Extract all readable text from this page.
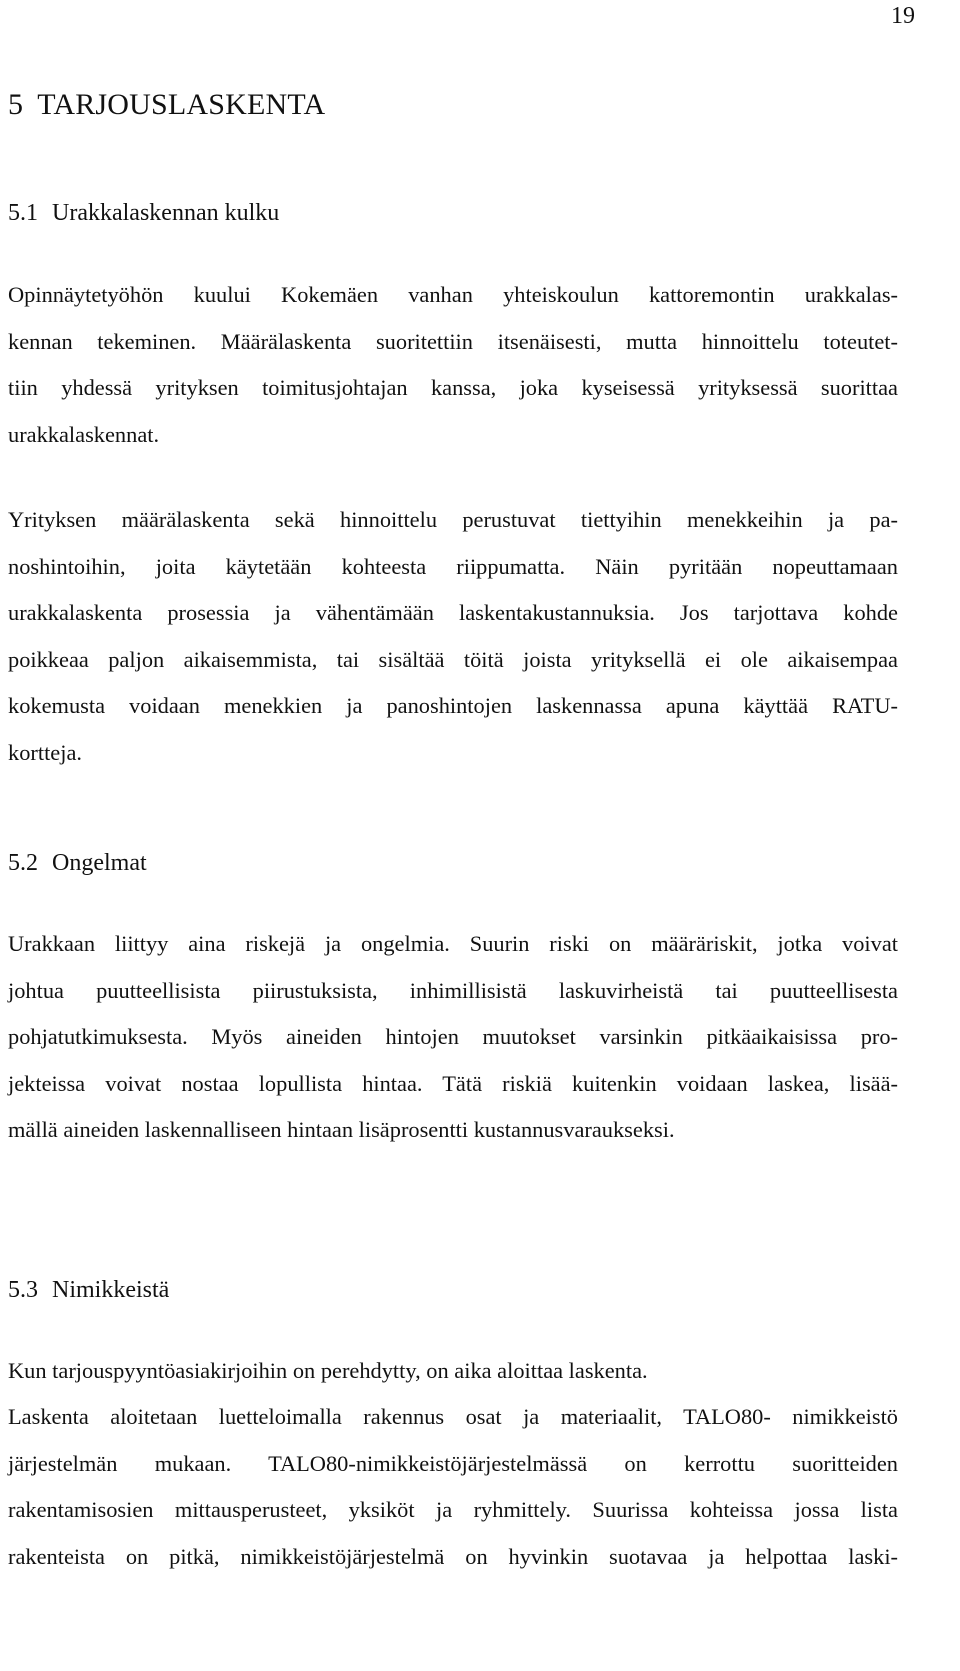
19
5 TARJOUSLASKENTA
5.1 Urakkalaskennan kulku
Opinnäytetyöhön kuului Kokemäen vanhan yhteiskoulun kattoremontin urakkalas-
kennan tekeminen. Määrälaskenta suoritettiin itsenäisesti, mutta hinnoittelu toteutet-
tiin yhdessä yrityksen toimitusjohtajan kanssa, joka kyseisessä yrityksessä suorittaa
urakkalaskennat.
Yrityksen määrälaskenta sekä hinnoittelu perustuvat tiettyihin menekkeihin ja pa-
noshintoihin, joita käytetään kohteesta riippumatta. Näin pyritään nopeuttamaan
urakkalaskenta prosessia ja vähentämään laskentakustannuksia. Jos tarjottava kohde
poikkeaa paljon aikaisemmista, tai sisältää töitä joista yrityksellä ei ole aikaisempaa
kokemusta voidaan menekkien ja panoshintojen laskennassa apuna käyttää RATU-
kortteja.
5.2 Ongelmat
Urakkaan liittyy aina riskejä ja ongelmia. Suurin riski on määräriskit, jotka voivat
johtua puutteellisista piirustuksista, inhimillisistä laskuvirheistä tai puutteellisesta
pohjatutkimuksesta. Myös aineiden hintojen muutokset varsinkin pitkäaikaisissa pro-
jekteissa voivat nostaa lopullista hintaa. Tätä riskiä kuitenkin voidaan laskea, lisää-
mällä aineiden laskennalliseen hintaan lisäprosentti kustannusvaraukseksi.
5.3 Nimikkeistä
Kun tarjouspyyntöasiakirjoihin on perehdytty, on aika aloittaa laskenta.
Laskenta aloitetaan luetteloimalla rakennus osat ja materiaalit, TALO80- nimikkeistö
järjestelmän mukaan. TALO80-nimikkeistöjärjestelmässä on kerrottu suoritteiden
rakentamisosien mittausperusteet, yksiköt ja ryhmittely. Suurissa kohteissa jossa lista
rakenteista on pitkä, nimikkeistöjärjestelmä on hyvinkin suotavaa ja helpottaa laski-
